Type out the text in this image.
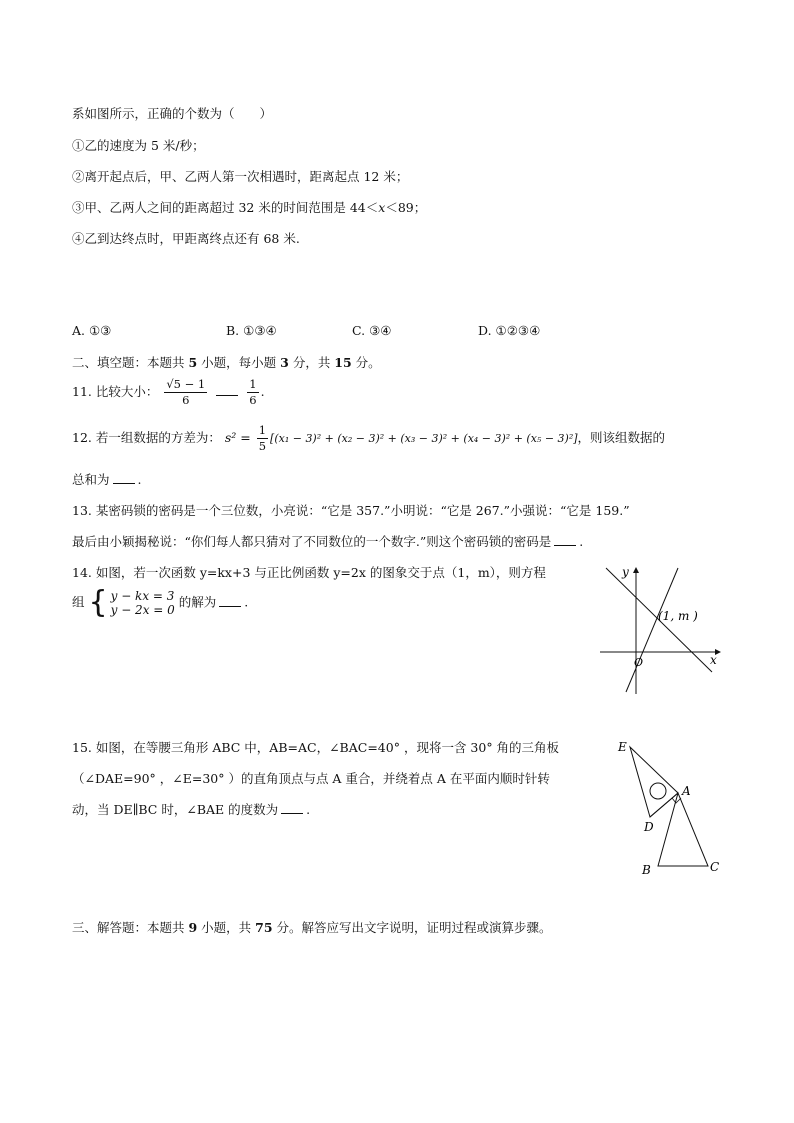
系如图所示，正确的个数为（　　）
①乙的速度为 5 米/秒；
②离开起点后，甲、乙两人第一次相遇时，距离起点 12 米；
③甲、乙两人之间的距离超过 32 米的时间范围是 44＜x＜89；
④乙到达终点时，甲距离终点还有 68 米.
A. ①③	B. ①③④	C. ③④	D. ①②③④
二、填空题：本题共 5 小题，每小题 3 分，共 15 分。
11. 比较大小： $\frac{√5 - 1}{6}$
	$\frac{1}{6}$ .
12. 若一组数据的方差为： $s^2 = \frac{1}{5} [(x_1 - 3)^2 + (x_2 - 3)^2 + (x_3 - 3)^2 + (x_4 - 3)^2 + (x_5 - 3)^2]$，则该组数据的
总和为 .
13. 某密码锁的密码是一个三位数，小亮说：“它是 357.”小明说：“它是 267.”小强说：“它是 159.”
最后由小颖揭秘说：“你们每人都只猜对了不同数位的一个数字.”则这个密码锁的密码是 .
14. 如图，若一次函数 y=kx+3 与正比例函数 y=2x 的图象交于点（1，m），则方程
组 { y − kx = 3
y − 2x = 0
的解为 .
y
x
O
(1, m )
15. 如图，在等腰三角形 ABC 中，AB=AC，∠BAC=40° ，现将一含 30° 角的三角板
（∠DAE=90° ，∠E=30° ）的直角顶点与点 A 重合，并绕着点 A 在平面内顺时针转
动，当 DE∥BC 时，∠BAE 的度数为 .
E
A
D
B	C
三、解答题：本题共 9 小题，共 75 分。解答应写出文字说明，证明过程或演算步骤。
